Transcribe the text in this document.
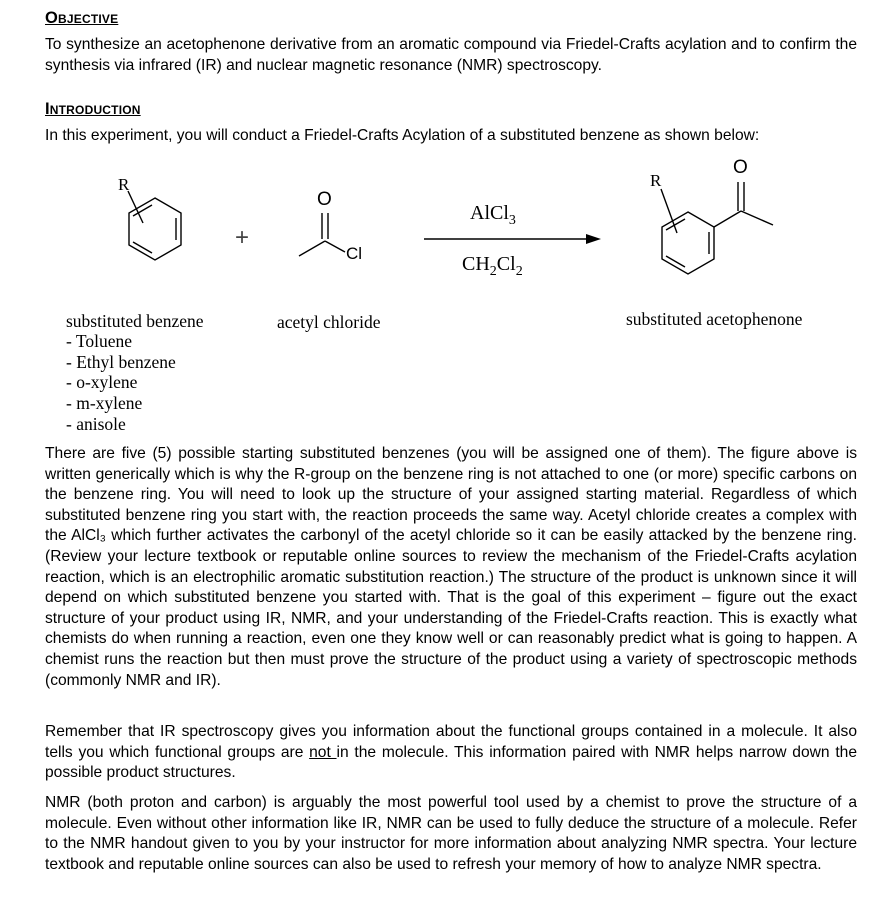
Objective

To synthesize an acetophenone derivative from an aromatic compound via Friedel-Crafts acylation and to confirm the synthesis via infrared (IR) and nuclear magnetic resonance (NMR) spectroscopy.

Introduction

In this experiment, you will conduct a Friedel-Crafts Acylation of a substituted benzene as shown below:

R	R
+
O
Cl
O
AlCl$_3$
$CH_2Cl_2$
substituted benzene	acetyl chloride	substituted acetophenone
- Toluene
- Ethyl benzene
- o-xylene
- m-xylene
- anisole

There are five (5) possible starting substituted benzenes (you will be assigned one of them). The figure above is written generically which is why the R-group on the benzene ring is not attached to one (or more) specific carbons on the benzene ring. You will need to look up the structure of your assigned starting material. Regardless of which substituted benzene ring you start with, the reaction proceeds the same way. Acetyl chloride creates a complex with the AlCl₃ which further activates the carbonyl of the acetyl chloride so it can be easily attacked by the benzene ring. (Review your lecture textbook or reputable online sources to review the mechanism of the Friedel-Crafts acylation reaction, which is an electrophilic aromatic substitution reaction.) The structure of the product is unknown since it will depend on which substituted benzene you started with. That is the goal of this experiment – figure out the exact structure of your product using IR, NMR, and your understanding of the Friedel-Crafts reaction. This is exactly what chemists do when running a reaction, even one they know well or can reasonably predict what is going to happen. A chemist runs the reaction but then must prove the structure of the product using a variety of spectroscopic methods (commonly NMR and IR).

Remember that IR spectroscopy gives you information about the functional groups contained in a molecule. It also tells you which functional groups are not in the molecule. This information paired with NMR helps narrow down the possible product structures.

NMR (both proton and carbon) is arguably the most powerful tool used by a chemist to prove the structure of a molecule. Even without other information like IR, NMR can be used to fully deduce the structure of a molecule. Refer to the NMR handout given to you by your instructor for more information about analyzing NMR spectra. Your lecture textbook and reputable online sources can also be used to refresh your memory of how to analyze NMR spectra.
